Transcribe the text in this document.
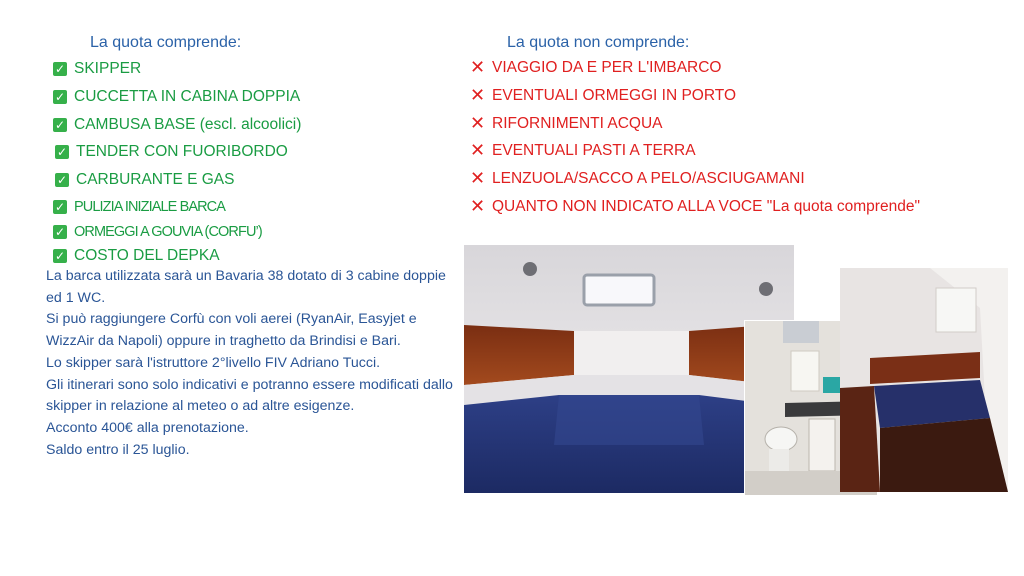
La quota comprende:	La quota non comprende:
✓ SKIPPER
✓ CUCCETTA IN CABINA DOPPIA
✓ CAMBUSA BASE (escl. alcoolici)
✓ TENDER CON FUORIBORDO
✓ CARBURANTE E GAS
✓ PULIZIA INIZIALE BARCA
✓ ORMEGGI A GOUVIA (CORFU’)
✓ COSTO DEL DEPKA
✕ VIAGGIO DA E PER L'IMBARCO
✕ EVENTUALI ORMEGGI IN PORTO
✕ RIFORNIMENTI ACQUA
✕ EVENTUALI PASTI A TERRA
✕ LENZUOLA/SACCO A PELO/ASCIUGAMANI
✕ QUANTO NON INDICATO ALLA VOCE "La quota comprende"

La barca utilizzata sarà un Bavaria 38 dotato di 3 cabine doppie ed 1 WC.

Si può raggiungere Corfù con voli aerei (RyanAir, Easyjet e WizzAir da Napoli) oppure in traghetto da Brindisi e Bari.

Lo skipper sarà l'istruttore 2°livello FIV Adriano Tucci.

Gli itinerari sono solo indicativi e potranno essere modificati dallo skipper in relazione al meteo o ad altre esigenze.

Acconto 400€ alla prenotazione.

Saldo entro il 25 luglio.
